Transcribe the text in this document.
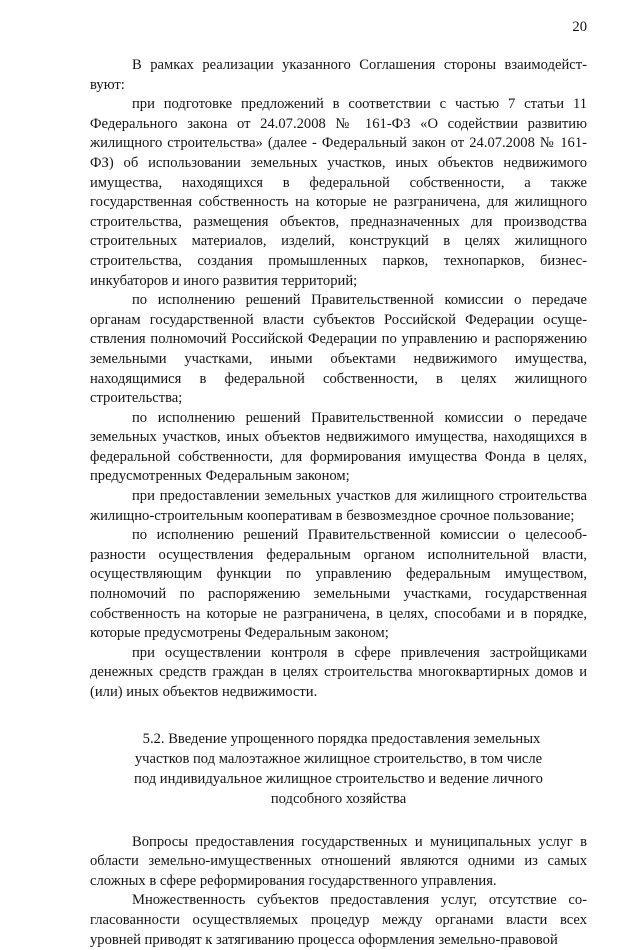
20

В рамках реализации указанного Соглашения стороны взаимодействуют:

при подготовке предложений в соответствии с частью 7 статьи 11 Федерального закона от 24.07.2008 № 161-ФЗ «О содействии развитию жилищного строительства» (далее - Федеральный закон от 24.07.2008 № 161-ФЗ) об использовании земельных участков, иных объектов недвижимого имущества, находящихся в федеральной собственности, а также государственная собственность на которые не разграничена, для жилищного строительства, размещения объектов, предназначенных для производства строительных материалов, изделий, конструкций в целях жилищного строительства, создания промышленных парков, технопарков, бизнес-инкубаторов и иного развития территорий;

по исполнению решений Правительственной комиссии о передаче органам государственной власти субъектов Российской Федерации осуществления полномочий Российской Федерации по управлению и распоряжению земельными участками, иными объектами недвижимого имущества, находящимися в федеральной собственности, в целях жилищного строительства;

по исполнению решений Правительственной комиссии о передаче земельных участков, иных объектов недвижимого имущества, находящихся в федеральной собственности, для формирования имущества Фонда в целях, предусмотренных Федеральным законом;

при предоставлении земельных участков для жилищного строительства жилищно-строительным кооперативам в безвозмездное срочное пользование;

по исполнению решений Правительственной комиссии о целесообразности осуществления федеральным органом исполнительной власти, осуществляющим функции по управлению федеральным имуществом, полномочий по распоряжению земельными участками, государственная собственность на которые не разграничена, в целях, способами и в порядке, которые предусмотрены Федеральным законом;

при осуществлении контроля в сфере привлечения застройщиками денежных средств граждан в целях строительства многоквартирных домов и (или) иных объектов недвижимости.

5.2. Введение упрощенного порядка предоставления земельных
участков под малоэтажное жилищное строительство, в том числе
под индивидуальное жилищное строительство и ведение личного
подсобного хозяйства

Вопросы предоставления государственных и муниципальных услуг в области земельно-имущественных отношений являются одними из самых сложных в сфере реформирования государственного управления.

Множественность субъектов предоставления услуг, отсутствие согласованности осуществляемых процедур между органами власти всех уровней приводят к затягиванию процесса оформления земельно-правовой
